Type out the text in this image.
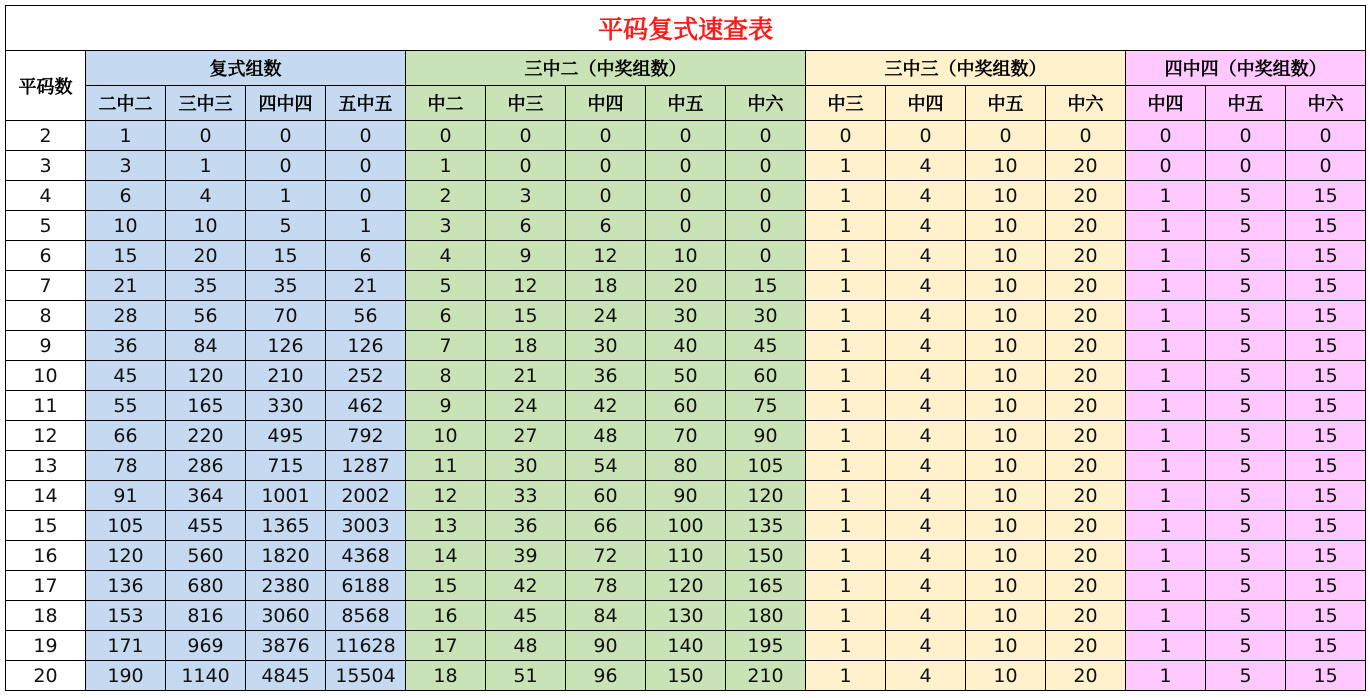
平码复式速查表																
平码数	复式组数				三中二（中奖组数）					三中三（中奖组数）				四中四（中奖组数）		
	二中二	三中三	四中四	五中五	中二	中三	中四	中五	中六	中三	中四	中五	中六	中四	中五	中六
2	1	0	0	0	0	0	0	0	0	0	0	0	0	0	0	0
3	3	1	0	0	1	0	0	0	0	1	4	10	20	0	0	0
4	6	4	1	0	2	3	0	0	0	1	4	10	20	1	5	15
5	10	10	5	1	3	6	6	0	0	1	4	10	20	1	5	15
6	15	20	15	6	4	9	12	10	0	1	4	10	20	1	5	15
7	21	35	35	21	5	12	18	20	15	1	4	10	20	1	5	15
8	28	56	70	56	6	15	24	30	30	1	4	10	20	1	5	15
9	36	84	126	126	7	18	30	40	45	1	4	10	20	1	5	15
10	45	120	210	252	8	21	36	50	60	1	4	10	20	1	5	15
11	55	165	330	462	9	24	42	60	75	1	4	10	20	1	5	15
12	66	220	495	792	10	27	48	70	90	1	4	10	20	1	5	15
13	78	286	715	1287	11	30	54	80	105	1	4	10	20	1	5	15
14	91	364	1001	2002	12	33	60	90	120	1	4	10	20	1	5	15
15	105	455	1365	3003	13	36	66	100	135	1	4	10	20	1	5	15
16	120	560	1820	4368	14	39	72	110	150	1	4	10	20	1	5	15
17	136	680	2380	6188	15	42	78	120	165	1	4	10	20	1	5	15
18	153	816	3060	8568	16	45	84	130	180	1	4	10	20	1	5	15
19	171	969	3876	11628	17	48	90	140	195	1	4	10	20	1	5	15
20	190	1140	4845	15504	18	51	96	150	210	1	4	10	20	1	5	15
